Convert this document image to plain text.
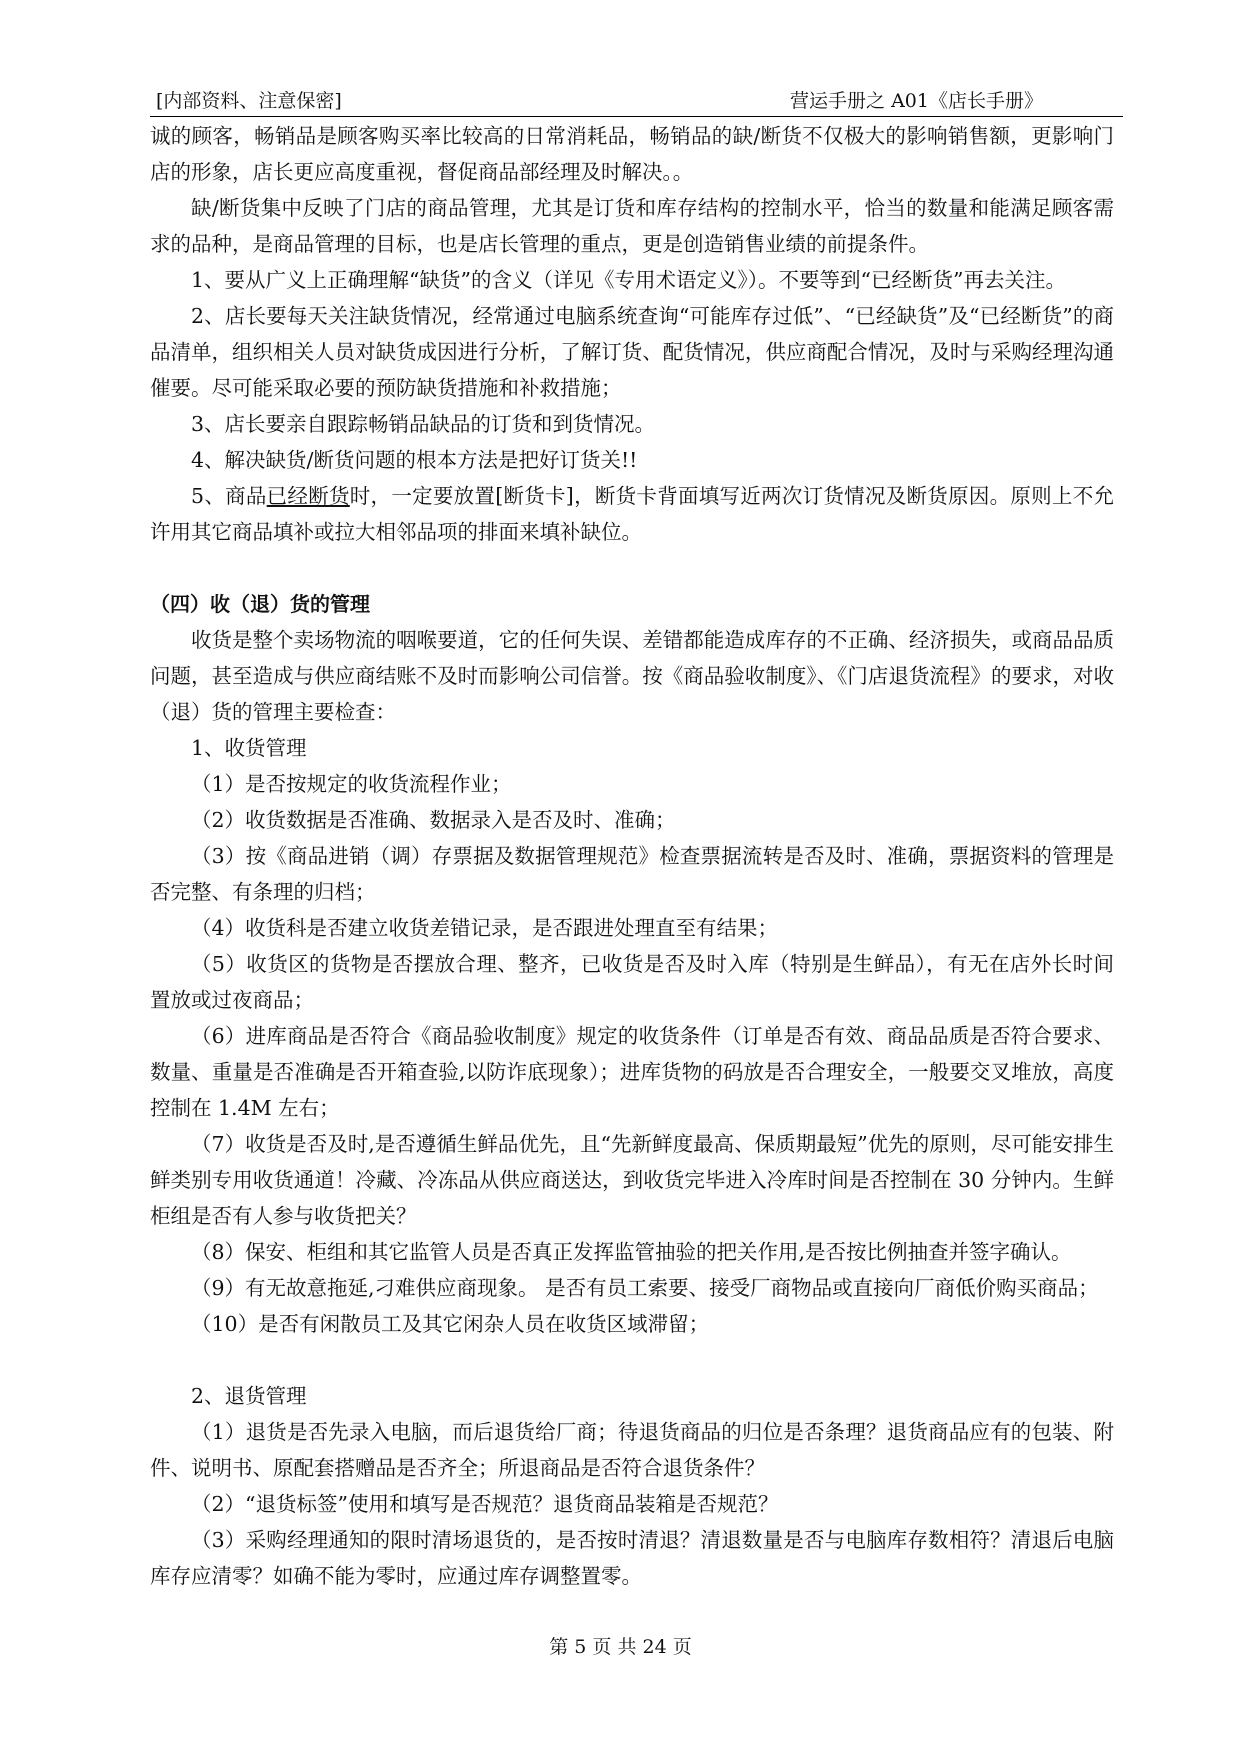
[内部资料、注意保密]	营运手册之 A01《店长手册》

诚的顾客，畅销品是顾客购买率比较高的日常消耗品，畅销品的缺/断货不仅极大的影响销售额，更影响门店的形象，店长更应高度重视，督促商品部经理及时解决。。

缺/断货集中反映了门店的商品管理，尤其是订货和库存结构的控制水平，恰当的数量和能满足顾客需求的品种，是商品管理的目标，也是店长管理的重点，更是创造销售业绩的前提条件。

1、要从广义上正确理解“缺货”的含义（详见《专用术语定义》）。不要等到“已经断货”再去关注。

2、店长要每天关注缺货情况，经常通过电脑系统查询“可能库存过低”、“已经缺货”及“已经断货”的商品清单，组织相关人员对缺货成因进行分析，了解订货、配货情况，供应商配合情况，及时与采购经理沟通催要。尽可能采取必要的预防缺货措施和补救措施；

3、店长要亲自跟踪畅销品缺品的订货和到货情况。

4、解决缺货/断货问题的根本方法是把好订货关!!

5、商品已经断货时，一定要放置[断货卡]，断货卡背面填写近两次订货情况及断货原因。原则上不允许用其它商品填补或拉大相邻品项的排面来填补缺位。

（四）收（退）货的管理

收货是整个卖场物流的咽喉要道，它的任何失误、差错都能造成库存的不正确、经济损失，或商品品质问题，甚至造成与供应商结账不及时而影响公司信誉。按《商品验收制度》、《门店退货流程》的要求，对收（退）货的管理主要检查：

1、收货管理

（1）是否按规定的收货流程作业；

（2）收货数据是否准确、数据录入是否及时、准确；

（3）按《商品进销（调）存票据及数据管理规范》检查票据流转是否及时、准确，票据资料的管理是否完整、有条理的归档；

（4）收货科是否建立收货差错记录，是否跟进处理直至有结果；

（5）收货区的货物是否摆放合理、整齐，已收货是否及时入库（特别是生鲜品），有无在店外长时间置放或过夜商品；

（6）进库商品是否符合《商品验收制度》规定的收货条件（订单是否有效、商品品质是否符合要求、数量、重量是否准确是否开箱查验,以防诈底现象）；进库货物的码放是否合理安全，一般要交叉堆放，高度控制在 1.4M 左右；

（7）收货是否及时,是否遵循生鲜品优先，且“先新鲜度最高、保质期最短”优先的原则，尽可能安排生鲜类别专用收货通道！冷藏、冷冻品从供应商送达，到收货完毕进入冷库时间是否控制在 30 分钟内。生鲜柜组是否有人参与收货把关？

（8）保安、柜组和其它监管人员是否真正发挥监管抽验的把关作用,是否按比例抽查并签字确认。

（9）有无故意拖延,刁难供应商现象。 是否有员工索要、接受厂商物品或直接向厂商低价购买商品；

（10）是否有闲散员工及其它闲杂人员在收货区域滞留；

2、退货管理

（1）退货是否先录入电脑，而后退货给厂商；待退货商品的归位是否条理？退货商品应有的包装、附件、说明书、原配套搭赠品是否齐全；所退商品是否符合退货条件？

（2）“退货标签”使用和填写是否规范？退货商品装箱是否规范？

（3）采购经理通知的限时清场退货的，是否按时清退？清退数量是否与电脑库存数相符？清退后电脑库存应清零？如确不能为零时，应通过库存调整置零。

第 5 页 共 24 页
